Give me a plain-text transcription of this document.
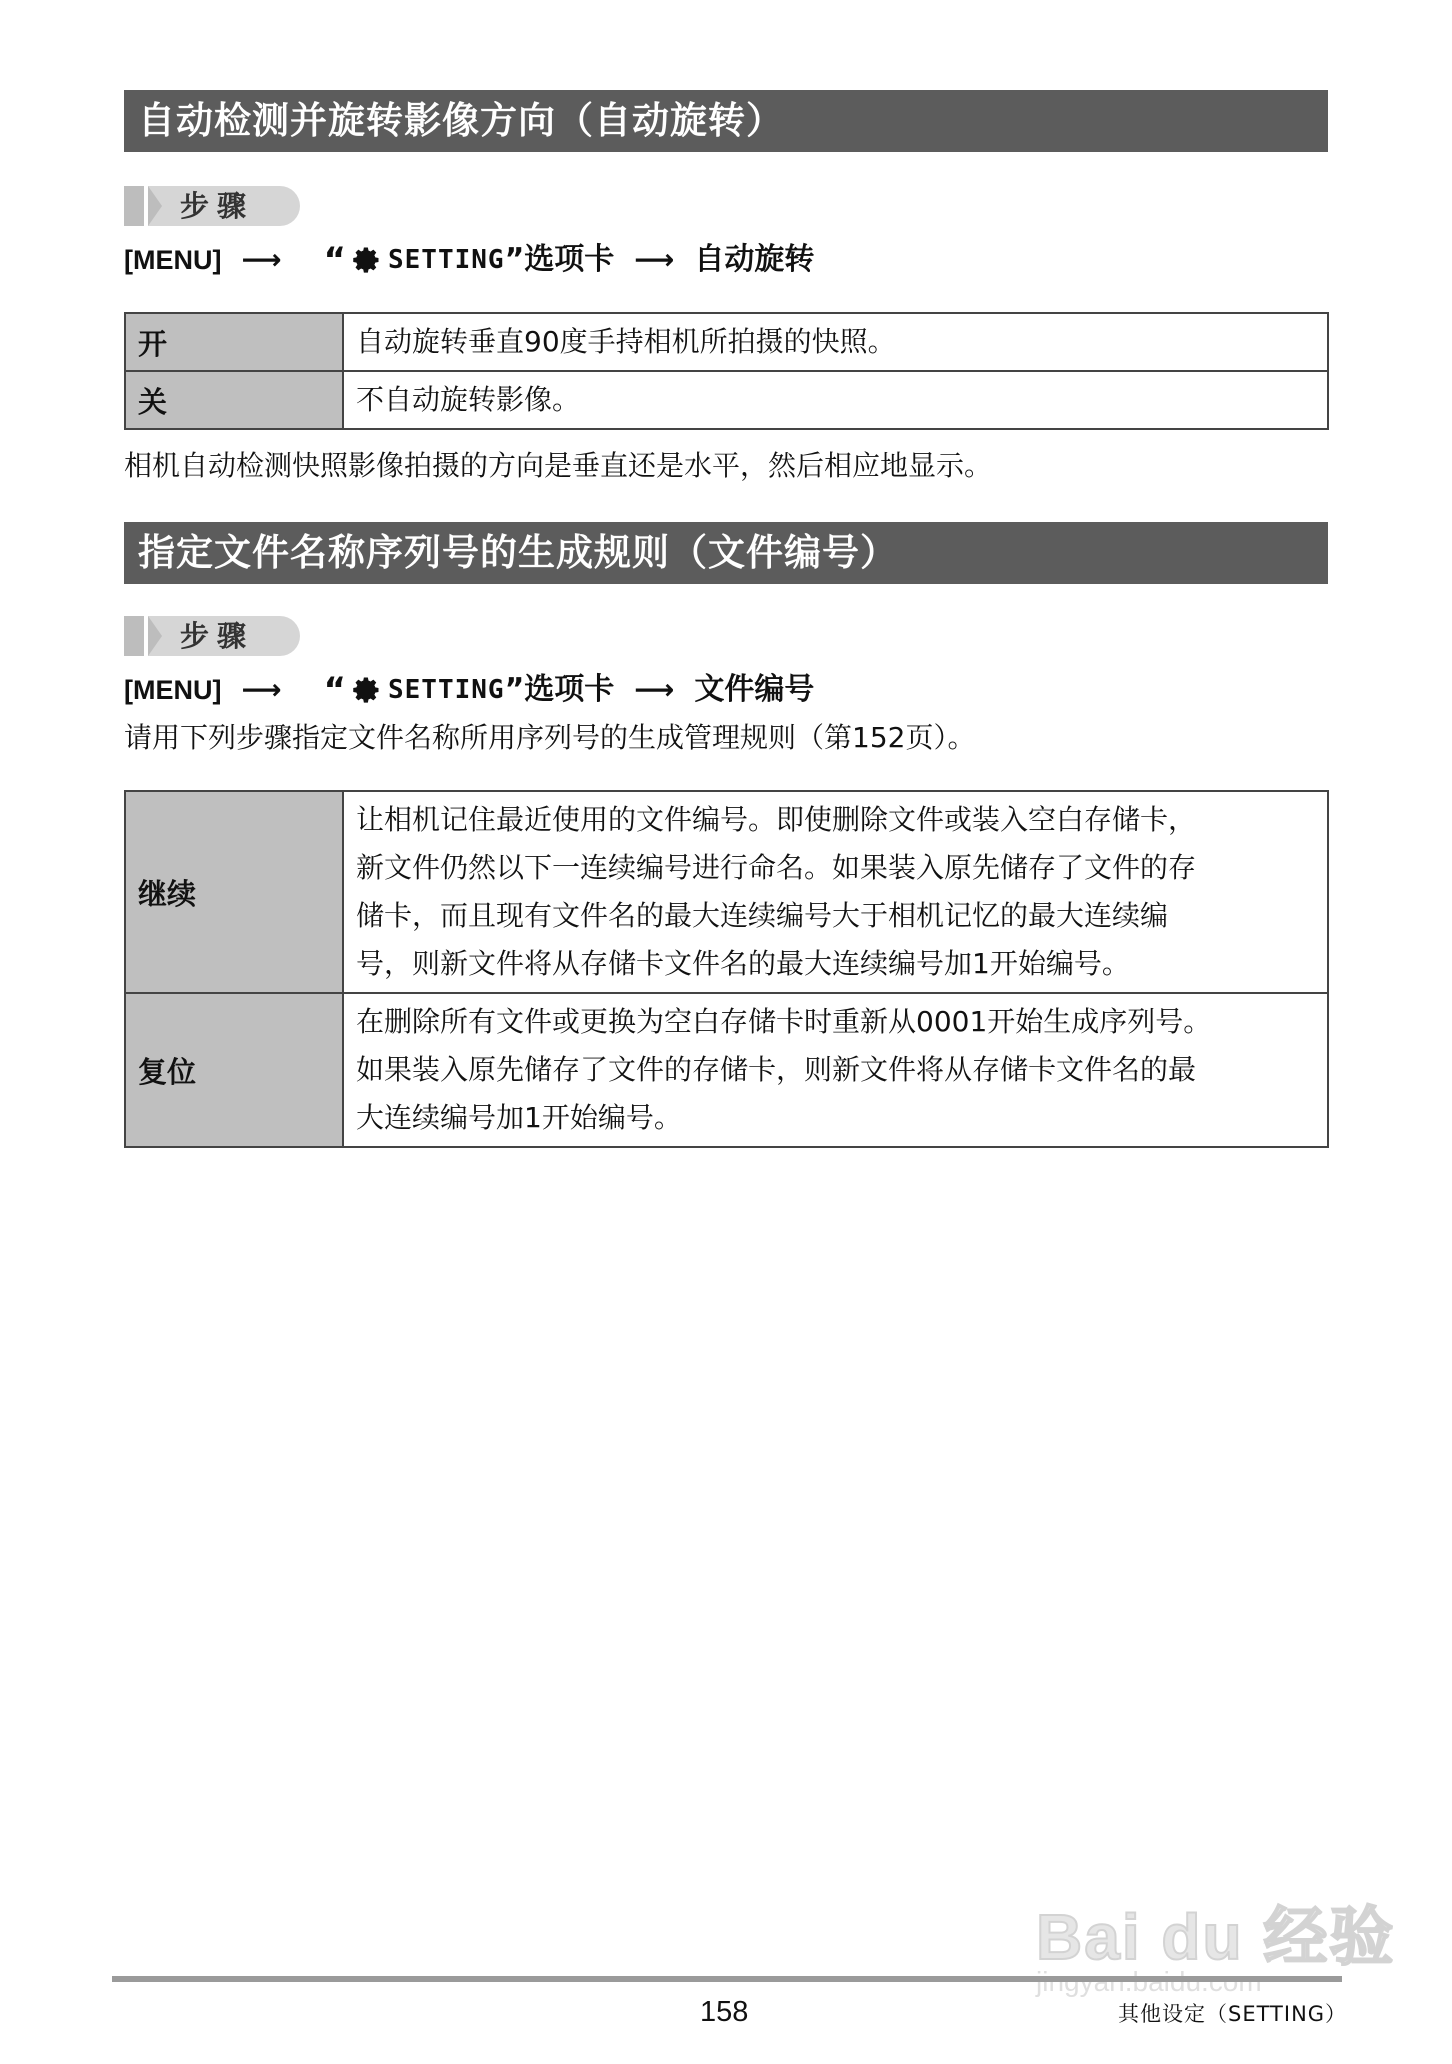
自动检测并旋转影像方向（自动旋转）
步骤
[MENU] ⟶ “ SETTING ”选项卡 ⟶ 自动旋转
开	自动旋转垂直90度手持相机所拍摄的快照。
关	不自动旋转影像。
相机自动检测快照影像拍摄的方向是垂直还是水平，然后相应地显示。
指定文件名称序列号的生成规则（文件编号）
步骤
[MENU] ⟶ “ SETTING ”选项卡 ⟶ 文件编号
请用下列步骤指定文件名称所用序列号的生成管理规则（第152页）。
继续	让相机记住最近使用的文件编号。即使删除文件或装入空白存储卡，
新文件仍然以下一连续编号进行命名。如果装入原先储存了文件的存
储卡，而且现有文件名的最大连续编号大于相机记忆的最大连续编
号，则新文件将从存储卡文件名的最大连续编号加1开始编号。

复位	在删除所有文件或更换为空白存储卡时重新从0001开始生成序列号。
如果装入原先储存了文件的存储卡，则新文件将从存储卡文件名的最
大连续编号加1开始编号。
Bai du 经验
158	其他设定（SETTING）
